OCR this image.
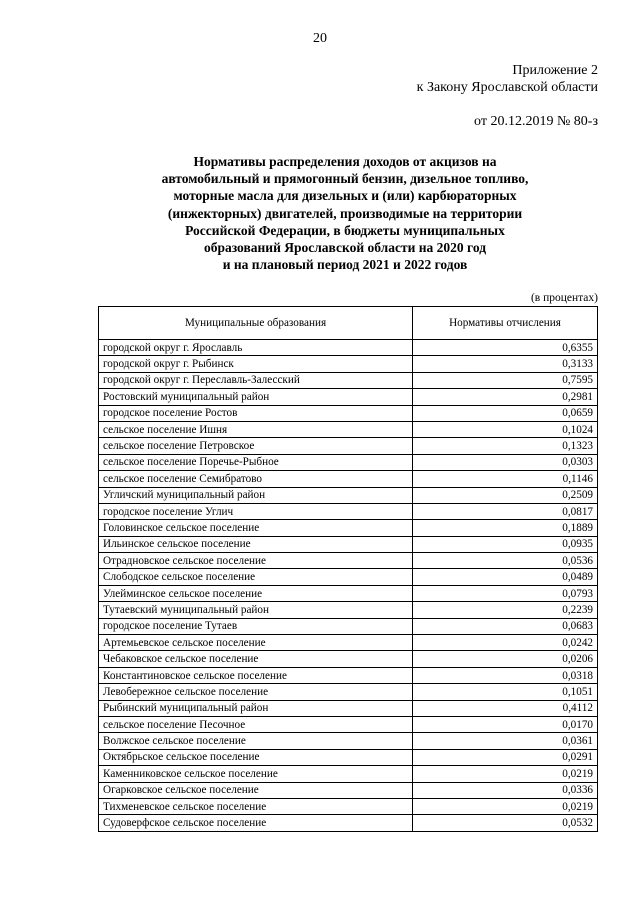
20
Приложение 2
к Закону Ярославской области
от 20.12.2019 № 80-з
Нормативы распределения доходов от акцизов на
автомобильный и прямогонный бензин, дизельное топливо,
моторные масла для дизельных и (или) карбюраторных
(инжекторных) двигателей, производимые на территории
Российской Федерации, в бюджеты муниципальных
образований Ярославской области на 2020 год
и на плановый период 2021 и 2022 годов
(в процентах)
Муниципальные образования	Нормативы отчисления
городской округ г. Ярославль	0,6355
городской округ г. Рыбинск	0,3133
городской округ г. Переславль-Залесский	0,7595
Ростовский муниципальный район	0,2981
городское поселение Ростов	0,0659
сельское поселение Ишня	0,1024
сельское поселение Петровское	0,1323
сельское поселение Поречье-Рыбное	0,0303
сельское поселение Семибратово	0,1146
Угличский муниципальный район	0,2509
городское поселение Углич	0,0817
Головинское сельское поселение	0,1889
Ильинское сельское поселение	0,0935
Отрадновское сельское поселение	0,0536
Слободское сельское поселение	0,0489
Улейминское сельское поселение	0,0793
Тутаевский муниципальный район	0,2239
городское поселение Тутаев	0,0683
Артемьевское сельское поселение	0,0242
Чебаковское сельское поселение	0,0206
Константиновское сельское поселение	0,0318
Левобережное сельское поселение	0,1051
Рыбинский муниципальный район	0,4112
сельское поселение Песочное	0,0170
Волжское сельское поселение	0,0361
Октябрьское сельское поселение	0,0291
Каменниковское сельское поселение	0,0219
Огарковское сельское поселение	0,0336
Тихменевское сельское поселение	0,0219
Судоверфское сельское поселение	0,0532
